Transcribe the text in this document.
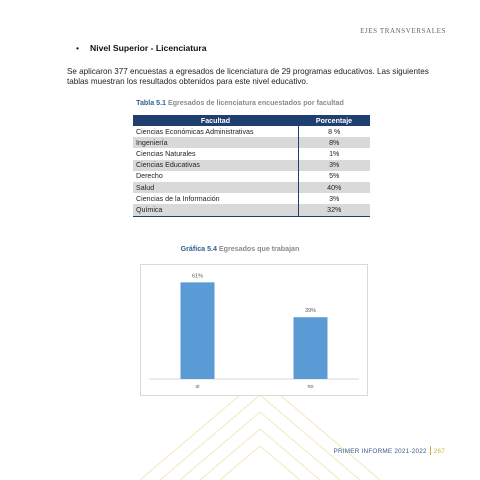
EJES TRANSVERSALES
• Nivel Superior - Licenciatura
Se aplicaron 377 encuestas a egresados de licenciatura de 29 programas educativos. Las siguientes tablas muestran los resultados obtenidos para este nivel educativo.
Tabla 5.1 Egresados de licenciatura encuestados por facultad
Facultad	Porcentaje
Ciencias Económicas Administrativas	8 %
Ingeniería	8%
Ciencias Naturales	1%
Ciencias Educativas	3%
Derecho	5%
Salud	40%
Ciencias de la Información	3%
Química	32%
Gráfica 5.4 Egresados que trabajan
61%
si
39%
no
PRIMER INFORME 2021-2022 267
